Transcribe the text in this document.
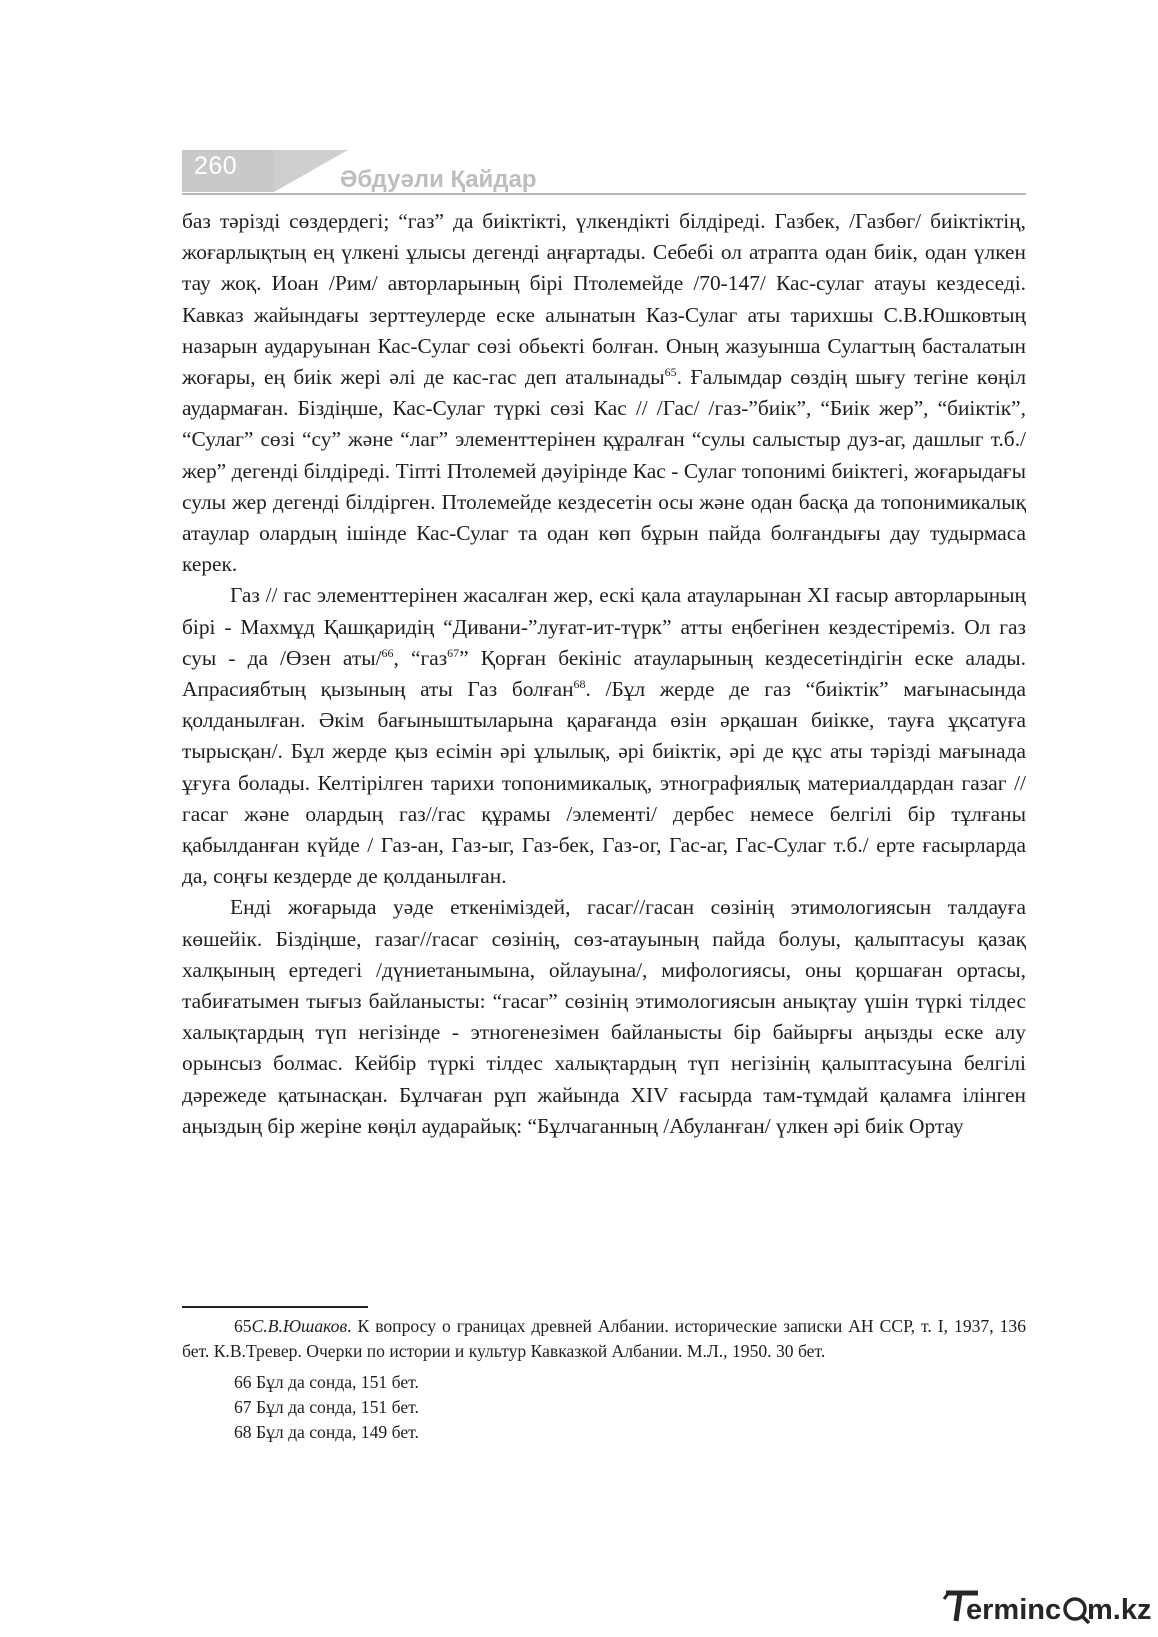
260	Әбдуәли Қайдар

баз тәрізді сөздердегі; “газ” да биіктікті, үлкендікті білдіреді. Газбек, /Газбөг/ биіктіктің, жоғарлықтың ең үлкені ұлысы дегенді аңғартады. Себебі ол атрапта одан биік, одан үлкен тау жоқ. Иоан /Рим/ авторларының бірі Птолемейде /70-147/ Кас-сулаг атауы кездеседі. Кавказ жайындағы зерттеулерде еске алынатын Каз-Сулаг аты тарихшы С.В.Юшковтың назарын аударуынан Кас-Сулаг сөзі обьекті болған. Оның жазуынша Сулагтың басталатын жоғары, ең биік жері әлі де кас-гас деп аталынады$^{65}$. Ғалымдар сөздің шығу тегіне көңіл аудармаған. Біздіңше, Кас-Сулаг түркі сөзі Кас // /Гас/ /газ-”биік”, “Биік жер”, “биіктік”, “Сулаг” сөзі “су” және “лаг” элементтерінен құралған “сулы салыстыр дуз-аг, дашлыг т.б./ жер” дегенді білдіреді. Тіпті Птолемей дәуірінде Кас - Сулаг топонимі биіктегі, жоғарыдағы сулы жер дегенді білдірген. Птолемейде кездесетін осы және одан басқа да топонимикалық атаулар олардың ішінде Кас-Сулаг та одан көп бұрын пайда болғандығы дау тудырмаса керек.

Газ // гас элементтерінен жасалған жер, ескі қала атауларынан XI ғасыр авторларының бірі - Махмұд Қашқаридің “Дивани-”луғат-ит-түрк” атты еңбегінен кездестіреміз. Ол газ суы - да /Өзен аты/$^{66}$, “газ$^{67}$” Қорған бекініс атауларының кездесетіндігін еске алады. Апрасиябтың қызының аты Газ болған$^{68}$. /Бұл жерде де газ “биіктік” мағынасында қолданылған. Әкім бағыныштыларына қарағанда өзін әрқашан биікке, тауға ұқсатуға тырысқан/. Бұл жерде қыз есімін әрі ұлылық, әрі биіктік, әрі де құс аты тәрізді мағынада ұғуға болады. Келтірілген тарихи топонимикалық, этнографиялық материалдардан газаг // гасаг және олардың газ//гас құрамы /элементі/ дербес немесе белгілі бір тұлғаны қабылданған күйде / Газ-ан, Газ-ыг, Газ-бек, Газ-ог, Гас-аг, Гас-Сулаг т.б./ ерте ғасырларда да, соңғы кездерде де қолданылған.

Енді жоғарыда уәде еткеніміздей, гасаг//гасан сөзінің этимологиясын талдауға көшейік. Біздіңше, газаг//гасаг сөзінің, сөз-атауының пайда болуы, қалыптасуы қазақ халқының ертедегі /дүниетанымына, ойлауына/, мифологиясы, оны қоршаған ортасы, табиғатымен тығыз байланысты: “гасаг” сөзінің этимологиясын анықтау үшін түркі тілдес халықтардың түп негізінде - этногенезімен байланысты бір байырғы аңызды еске алу орынсыз болмас. Кейбір түркі тілдес халықтардың түп негізінің қалыптасуына белгілі дәрежеде қатынасқан. Бұлчаған рұп жайында XIV ғасырда там-тұмдай қаламға ілінген аңыздың бір жеріне көңіл аударайық: “Бұлчаганның /Абуланған/ үлкен әрі биік Ортау

65С.В.Юшаков. К вопросу о границах древней Албании. исторические записки АН ССР, т. I, 1937, 136 бет. К.В.Тревер. Очерки по истории и культур Кавказкой Албании. М.Л., 1950. 30 бет.

66 Бұл да сонда, 151 бет.

67 Бұл да сонда, 151 бет.

68 Бұл да сонда, 149 бет.

erminc m.kz
